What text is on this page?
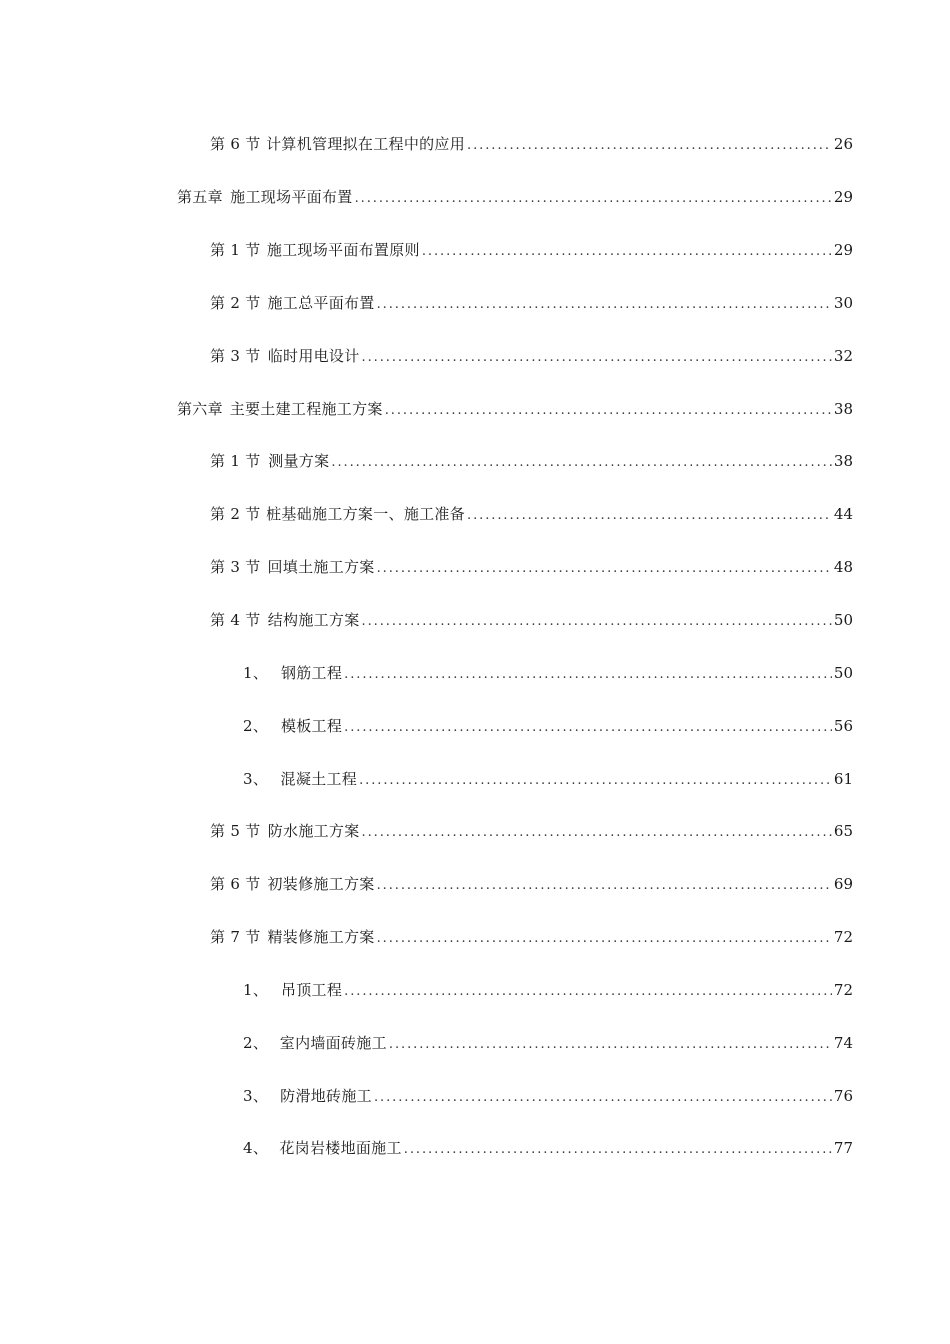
第 6 节 计算机管理拟在工程中的应用 . . .	26
第五章 施工现场平面布置 . . .	29
第 1 节 施工现场平面布置原则 . . .	29
第 2 节 施工总平面布置 . . .	30
第 3 节 临时用电设计 . . .	32
第六章 主要土建工程施工方案 . . .	38
第 1 节 测量方案 . . .	38
第 2 节 桩基础施工方案一、施工准备 . . .	44
第 3 节 回填土施工方案 . . .	48
第 4 节 结构施工方案 . . .	50
1、 钢筋工程 . . .	50
2、 模板工程 . . .	56
3、 混凝土工程 . . .	61
第 5 节 防水施工方案 . . .	65
第 6 节 初装修施工方案 . . .	69
第 7 节 精装修施工方案 . . .	72
1、 吊顶工程 . . .	72
2、 室内墙面砖施工 . . .	74
3、 防滑地砖施工 . . .	76
4、 花岗岩楼地面施工 . . .	77
